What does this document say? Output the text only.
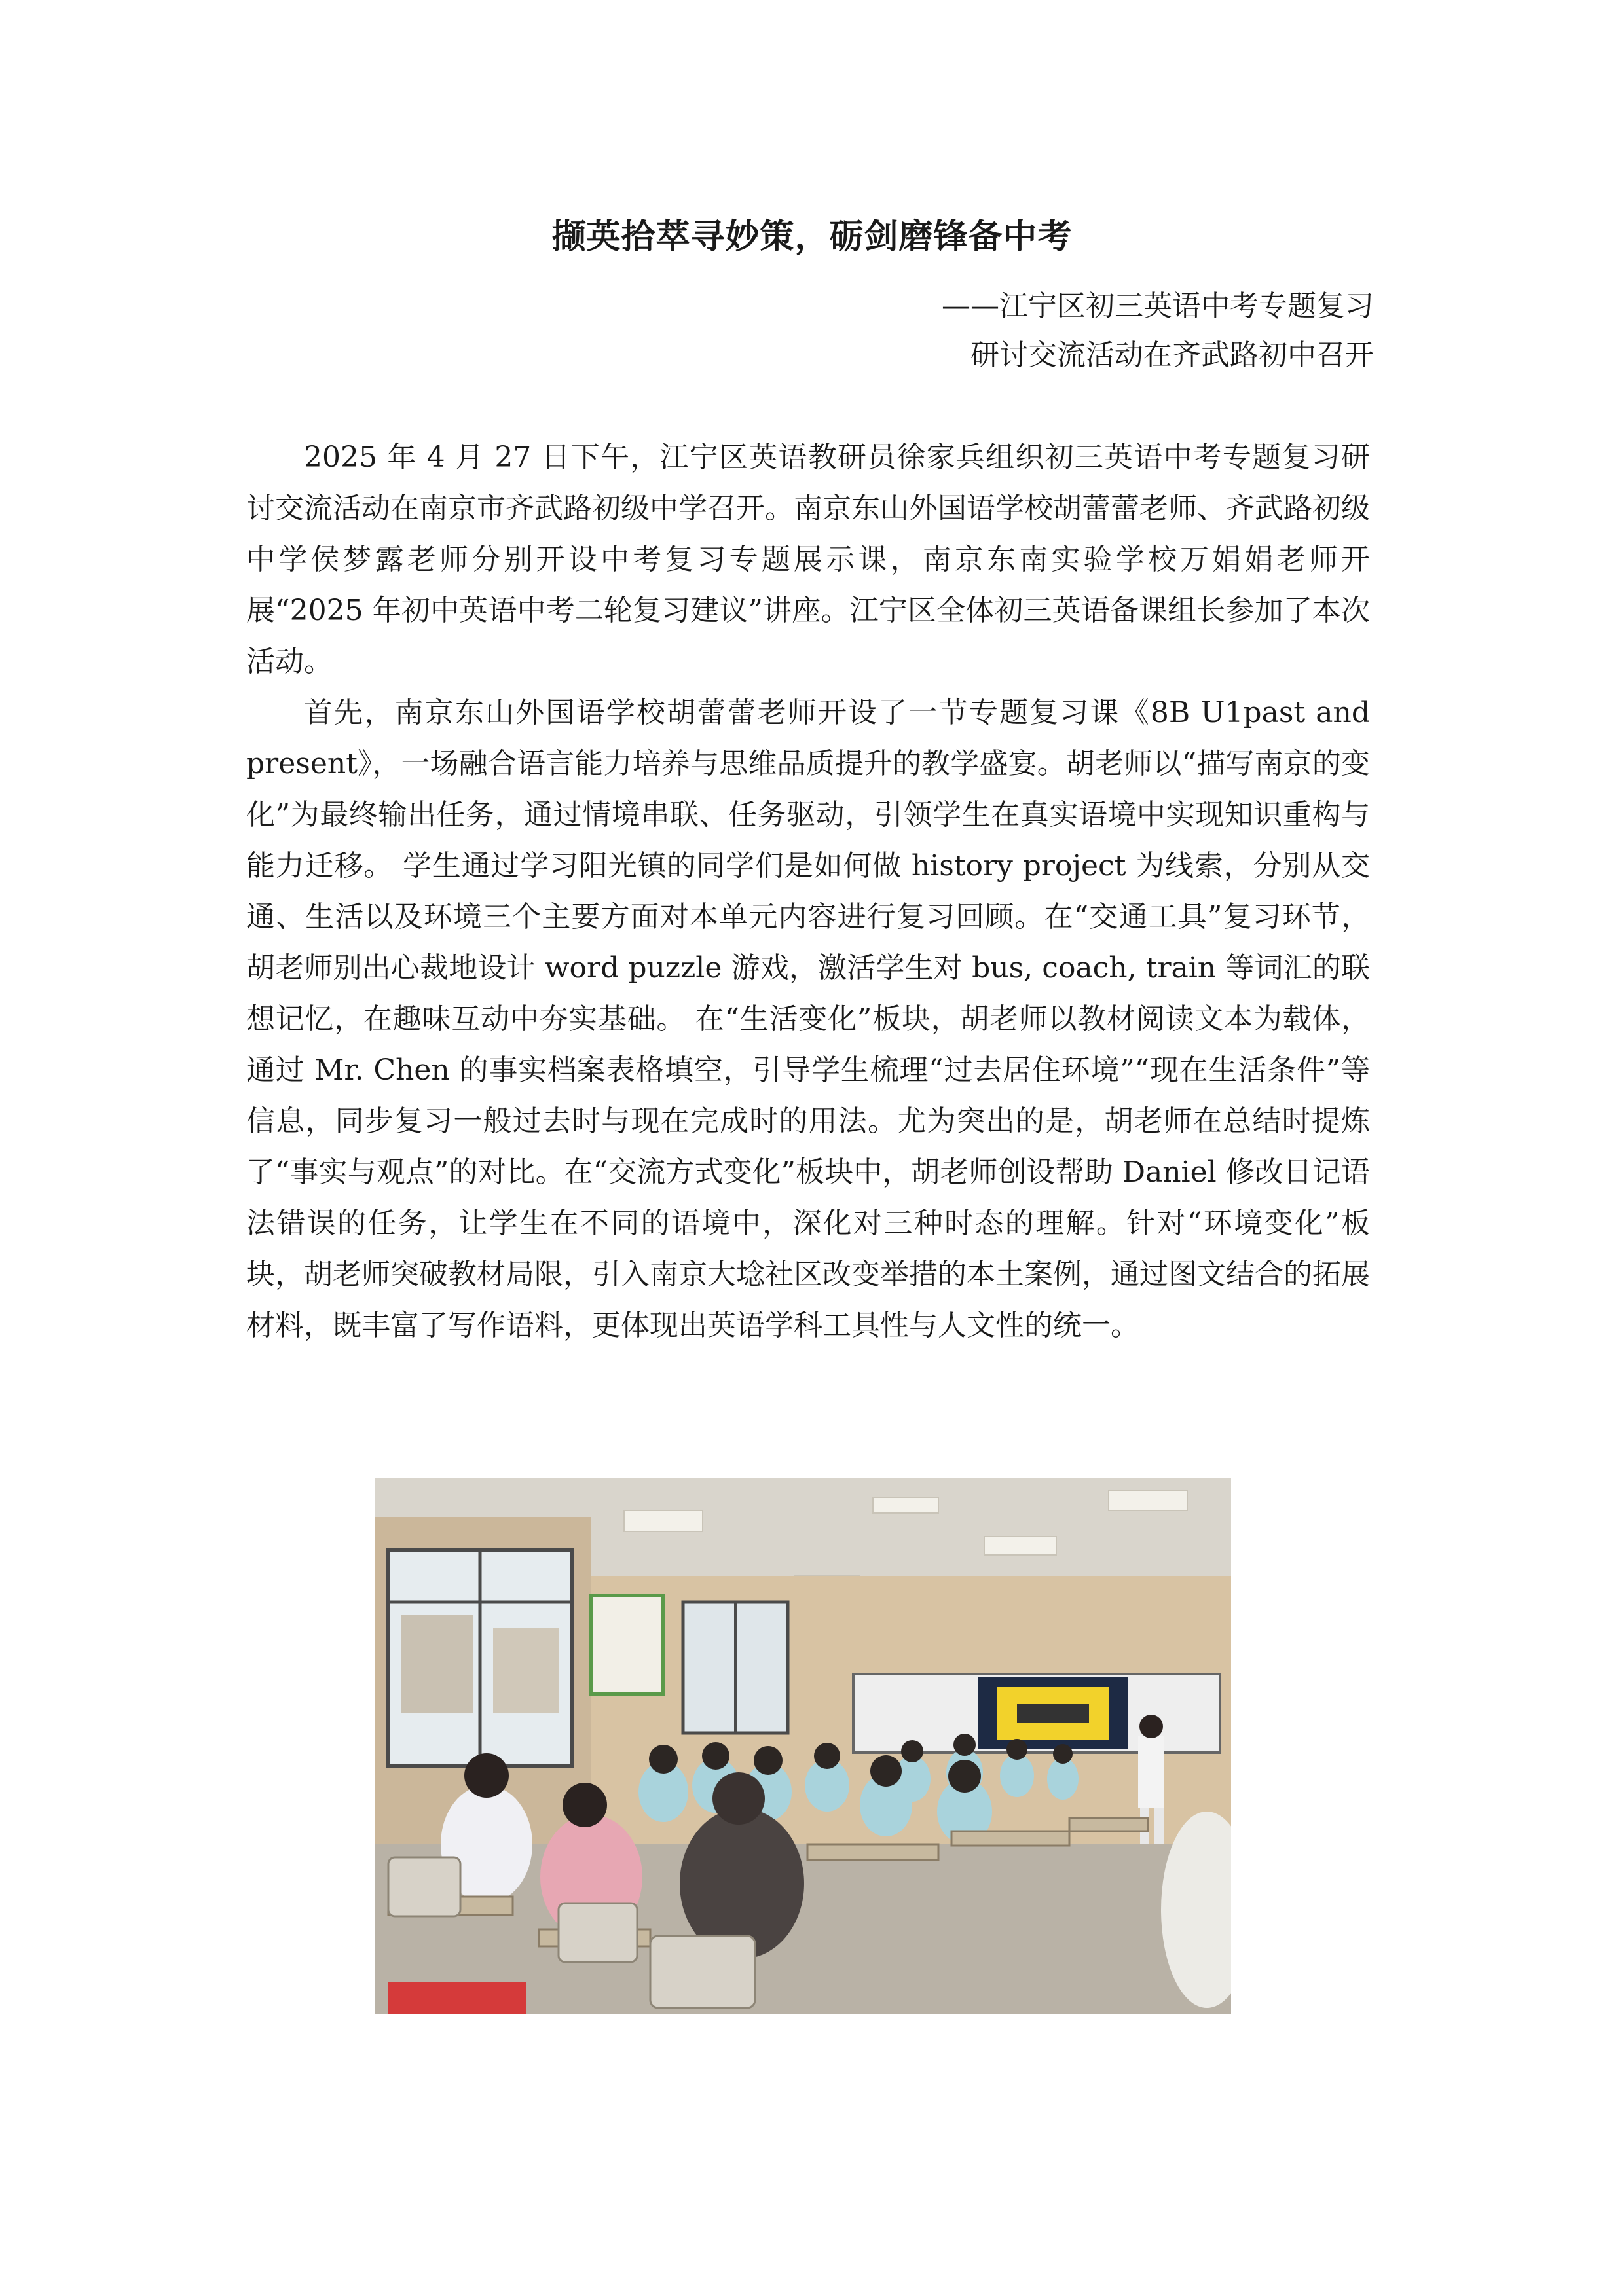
撷英拾萃寻妙策，砺剑磨锋备中考
——江宁区初三英语中考专题复习
研讨交流活动在齐武路初中召开

2025 年 4 月 27 日下午，江宁区英语教研员徐家兵组织初三英语中考专题复习研讨交流活动在南京市齐武路初级中学召开。南京东山外国语学校胡蕾蕾老师、齐武路初级中学侯梦露老师分别开设中考复习专题展示课，南京东南实验学校万娟娟老师开展“2025 年初中英语中考二轮复习建议”讲座。江宁区全体初三英语备课组长参加了本次活动。

首先，南京东山外国语学校胡蕾蕾老师开设了一节专题复习课《8B U1past and present》，一场融合语言能力培养与思维品质提升的教学盛宴。胡老师以“描写南京的变化”为最终输出任务，通过情境串联、任务驱动，引领学生在真实语境中实现知识重构与能力迁移。 学生通过学习阳光镇的同学们是如何做 history project 为线索，分别从交通、生活以及环境三个主要方面对本单元内容进行复习回顾。在“交通工具”复习环节，胡老师别出心裁地设计 word puzzle 游戏，激活学生对 bus, coach, train 等词汇的联想记忆，在趣味互动中夯实基础。 在“生活变化”板块，胡老师以教材阅读文本为载体，通过 Mr. Chen 的事实档案表格填空，引导学生梳理“过去居住环境”“现在生活条件”等信息，同步复习一般过去时与现在完成时的用法。尤为突出的是，胡老师在总结时提炼了“事实与观点”的对比。在“交流方式变化”板块中，胡老师创设帮助 Daniel 修改日记语法错误的任务，让学生在不同的语境中，深化对三种时态的理解。针对“环境变化”板块，胡老师突破教材局限，引入南京大埝社区改变举措的本土案例，通过图文结合的拓展材料，既丰富了写作语料，更体现出英语学科工具性与人文性的统一。
